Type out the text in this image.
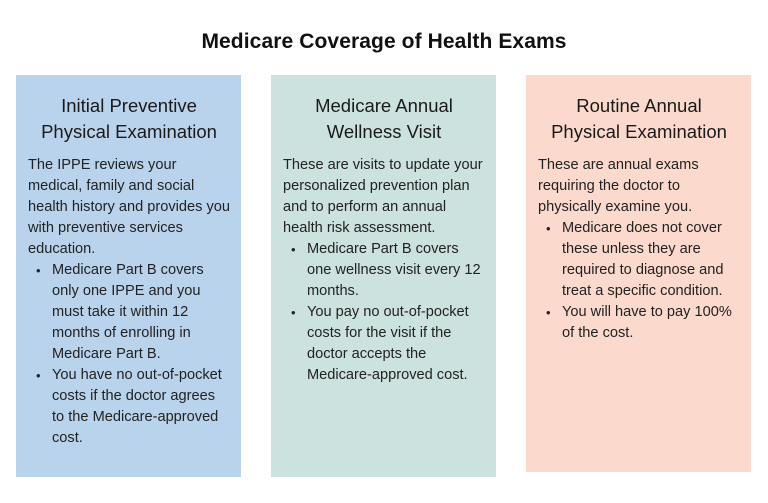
Medicare Coverage of Health Exams
Initial Preventive
Physical Examination

The IPPE reviews your medical, family and social health history and provides you with preventive services education.

• Medicare Part B covers only one IPPE and you must take it within 12 months of enrolling in Medicare Part B.
• You have no out-of-pocket costs if the doctor agrees to the Medicare-approved cost.
Medicare Annual
Wellness Visit

These are visits to update your personalized prevention plan and to perform an annual health risk assessment.

• Medicare Part B covers one wellness visit every 12 months.
• You pay no out-of-pocket costs for the visit if the doctor accepts the Medicare-approved cost.
Routine Annual
Physical Examination

These are annual exams requiring the doctor to physically examine you.

• Medicare does not cover these unless they are required to diagnose and treat a specific condition.
• You will have to pay 100% of the cost.
